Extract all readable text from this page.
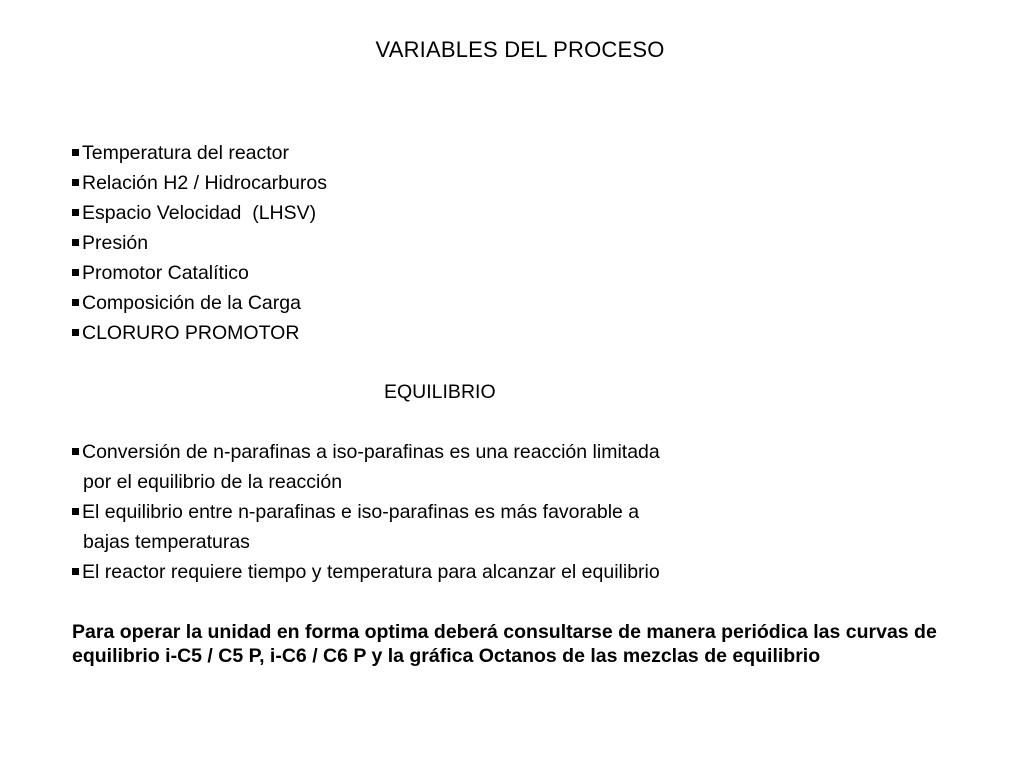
VARIABLES DEL PROCESO
Temperatura del reactor
Relación H2 / Hidrocarburos
Espacio Velocidad  (LHSV)
Presión
Promotor Catalítico
Composición de la Carga
CLORURO PROMOTOR
EQUILIBRIO
Conversión de n-parafinas a iso-parafinas es una reacción limitada
por el equilibrio de la reacción
El equilibrio entre n-parafinas e iso-parafinas es más favorable a
bajas temperaturas
El reactor requiere tiempo y temperatura para alcanzar el equilibrio
Para operar la unidad en forma optima deberá consultarse de manera periódica las curvas de equilibrio i-C5 / C5 P, i-C6 / C6 P y la gráfica Octanos de las mezclas de equilibrio
